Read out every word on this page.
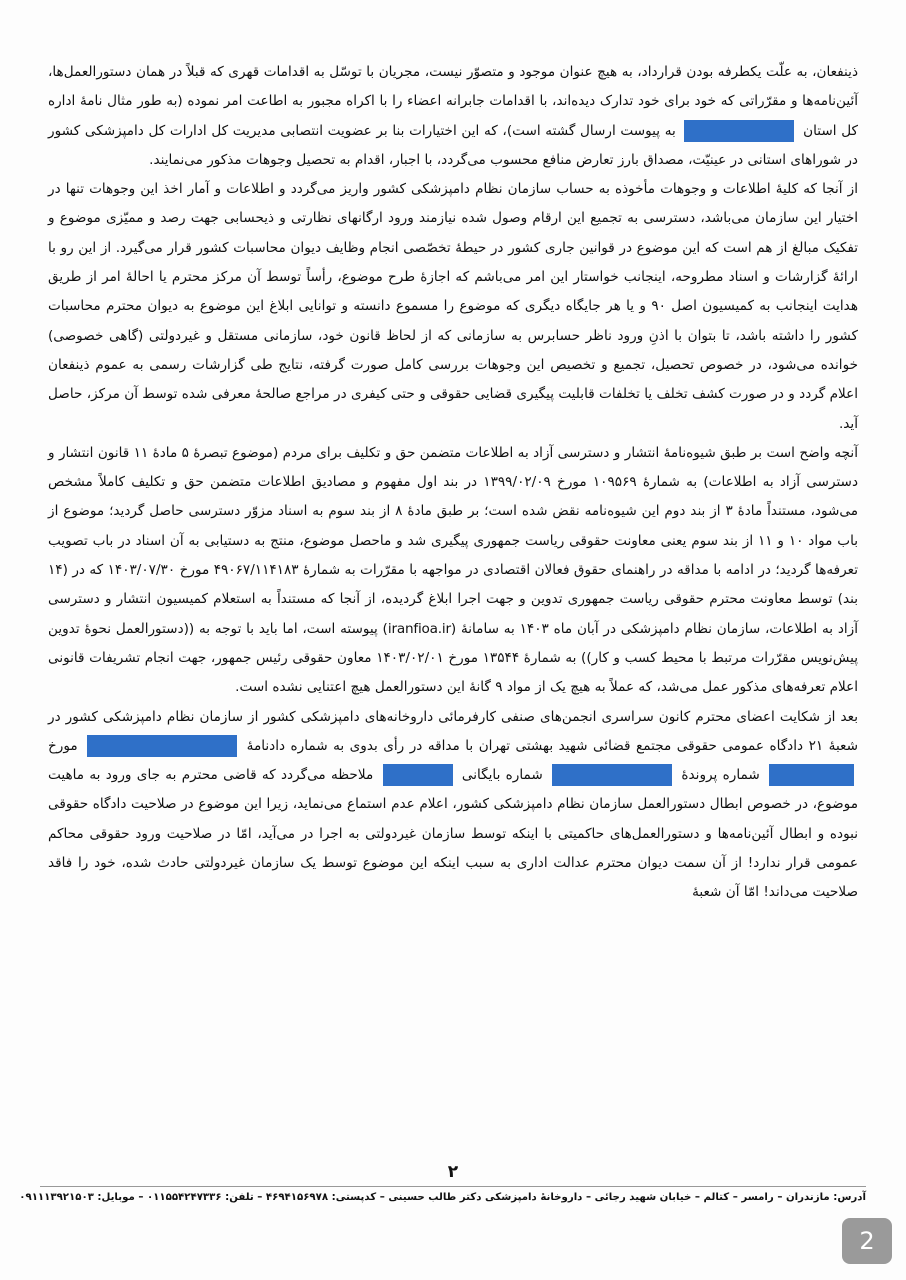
ذینفعان، به علّت یکطرفه بودن قرارداد، به هیچ عنوان موجود و متصوّر نیست، مجریان با توسّل به اقدامات قهری که قبلاً در همان دستورالعمل‌ها، آئین‌نامه‌ها و مقرّراتی که خود برای خود تدارک دیده‌اند، با اقدامات جابرانه اعضاء را با اکراه مجبور به اطاعت امر نموده (به طور مثال نامهٔ اداره کل استان  به پیوست ارسال گشته است)، که این اختیارات بنا بر عضویت انتصابی مدیریت کل ادارات کل دامپزشکی کشور در شوراهای استانی در عینیّت، مصداق بارز تعارض منافع محسوب می‌گردد، با اجبار، اقدام به تحصیل وجوهات مذکور می‌نمایند.

از آنجا که کلیهٔ اطلاعات و وجوهات مأخوذه به حساب سازمان نظام دامپزشکی کشور واریز می‌گردد و اطلاعات و آمار اخذ این وجوهات تنها در اختیار این سازمان می‌باشد، دسترسی به تجمیع این ارقام وصول شده نیازمند ورود ارگانهای نظارتی و ذیحسابی جهت رصد و ممیّزی موضوع و تفکیک مبالغ از هم است که این موضوع در قوانین جاری کشور در حیطهٔ تخصّصی انجام وظایف دیوان محاسبات کشور قرار می‌گیرد. از این رو با ارائهٔ گزارشات و اسناد مطروحه، اینجانب خواستار این امر می‌باشم که اجازهٔ طرح موضوع، رأساً توسط آن مرکز محترم یا احالهٔ امر از طریق هدایت اینجانب به کمیسیون اصل ۹۰ و یا هر جایگاه دیگری که موضوع را مسموع دانسته و توانایی ابلاغ این موضوع به دیوان محترم محاسبات کشور را داشته باشد، تا بتوان با اذنِ ورود ناظر حسابرس به سازمانی که از لحاظ قانون خود، سازمانی مستقل و غیردولتی (گاهی خصوصی) خوانده می‌شود، در خصوص تحصیل، تجمیع و تخصیص این وجوهات بررسی کامل صورت گرفته، نتایج طی گزارشات رسمی به عموم ذینفعان اعلام گردد و در صورت کشف تخلف یا تخلفات قابلیت پیگیری قضایی حقوقی و حتی کیفری در مراجع صالحهٔ معرفی شده توسط آن مرکز، حاصل آید.

آنچه واضح است بر طبق شیوه‌نامهٔ انتشار و دسترسی آزاد به اطلاعات متضمن حق و تکلیف برای مردم (موضوع تبصرهٔ ۵ مادهٔ ۱۱ قانون انتشار و دسترسی آزاد به اطلاعات) به شمارهٔ ۱۰۹۵۶۹ مورخ ۱۳۹۹/۰۲/۰۹ در بند اول مفهوم و مصادیق اطلاعات متضمن حق و تکلیف کاملاً مشخص می‌شود، مستنداً مادهٔ ۳ از بند دوم این شیوه‌نامه نقض شده است؛ بر طبق مادهٔ ۸ از بند سوم به اسناد مزوّر دسترسی حاصل گردید؛ موضوع از باب مواد ۱۰ و ۱۱ از بند سوم یعنی معاونت حقوقی ریاست جمهوری پیگیری شد و ماحصل موضوع، منتج به دستیابی به آن اسناد در باب تصویب تعرفه‌ها گردید؛ در ادامه با مداقه در راهنمای حقوق فعالان اقتصادی در مواجهه با مقرّرات به شمارهٔ ۴۹۰۶۷/۱۱۴۱۸۳ مورخ ۱۴۰۳/۰۷/۳۰ که در (۱۴ بند) توسط معاونت محترم حقوقی ریاست جمهوری تدوین و جهت اجرا ابلاغ گردیده، از آنجا که مستنداً به استعلام کمیسیون انتشار و دسترسی آزاد به اطلاعات، سازمان نظام دامپزشکی در آبان ماه ۱۴۰۳ به سامانهٔ (iranfioa.ir) پیوسته است، اما باید با توجه به ((دستورالعمل نحوهٔ تدوین پیش‌نویس مقرّرات مرتبط با محیط کسب و کار)) به شمارهٔ ۱۳۵۴۴ مورخ ۱۴۰۳/۰۲/۰۱ معاون حقوقی رئیس جمهور، جهت انجام تشریفات قانونی اعلام تعرفه‌های مذکور عمل می‌شد، که عملاً به هیچ یک از مواد ۹ گانهٔ این دستورالعمل هیچ اعتنایی نشده است.

بعد از شکایت اعضای محترم کانون سراسری انجمن‌های صنفی کارفرمائی داروخانه‌های دامپزشکی کشور از سازمان نظام دامپزشکی کشور در شعبهٔ ۲۱ دادگاه عمومی حقوقی مجتمع قضائی شهید بهشتی تهران با مداقه در رأی بدوی به شماره دادنامهٔ  مورخ  شماره پروندهٔ  شماره بایگانی  ملاحظه می‌گردد که قاضی محترم به جای ورود به ماهیت موضوع، در خصوص ابطال دستورالعمل سازمان نظام دامپزشکی کشور، اعلام عدم استماع می‌نماید، زیرا این موضوع در صلاحیت دادگاه حقوقی نبوده و ابطال آئین‌نامه‌ها و دستورالعمل‌های حاکمیتی با اینکه توسط سازمان غیردولتی به اجرا در می‌آید، امّا در صلاحیت ورود حقوقی محاکم عمومی قرار ندارد! از آن سمت دیوان محترم عدالت اداری به سبب اینکه این موضوع توسط یک سازمان غیردولتی حادث شده، خود را فاقد صلاحیت می‌داند! امّا آن شعبهٔ

۲
آدرس: مازندران – رامسر – کتالم – خیابان شهید رجائی – داروخانهٔ دامپزشکی دکتر طالب حسینی – کدپستی: ۴۶۹۴۱۵۶۹۷۸ – تلفن: ۰۱۱۵۵۴۲۴۷۳۳۶ – موبایل: ۰۹۱۱۱۳۹۲۱۵۰۳
2
